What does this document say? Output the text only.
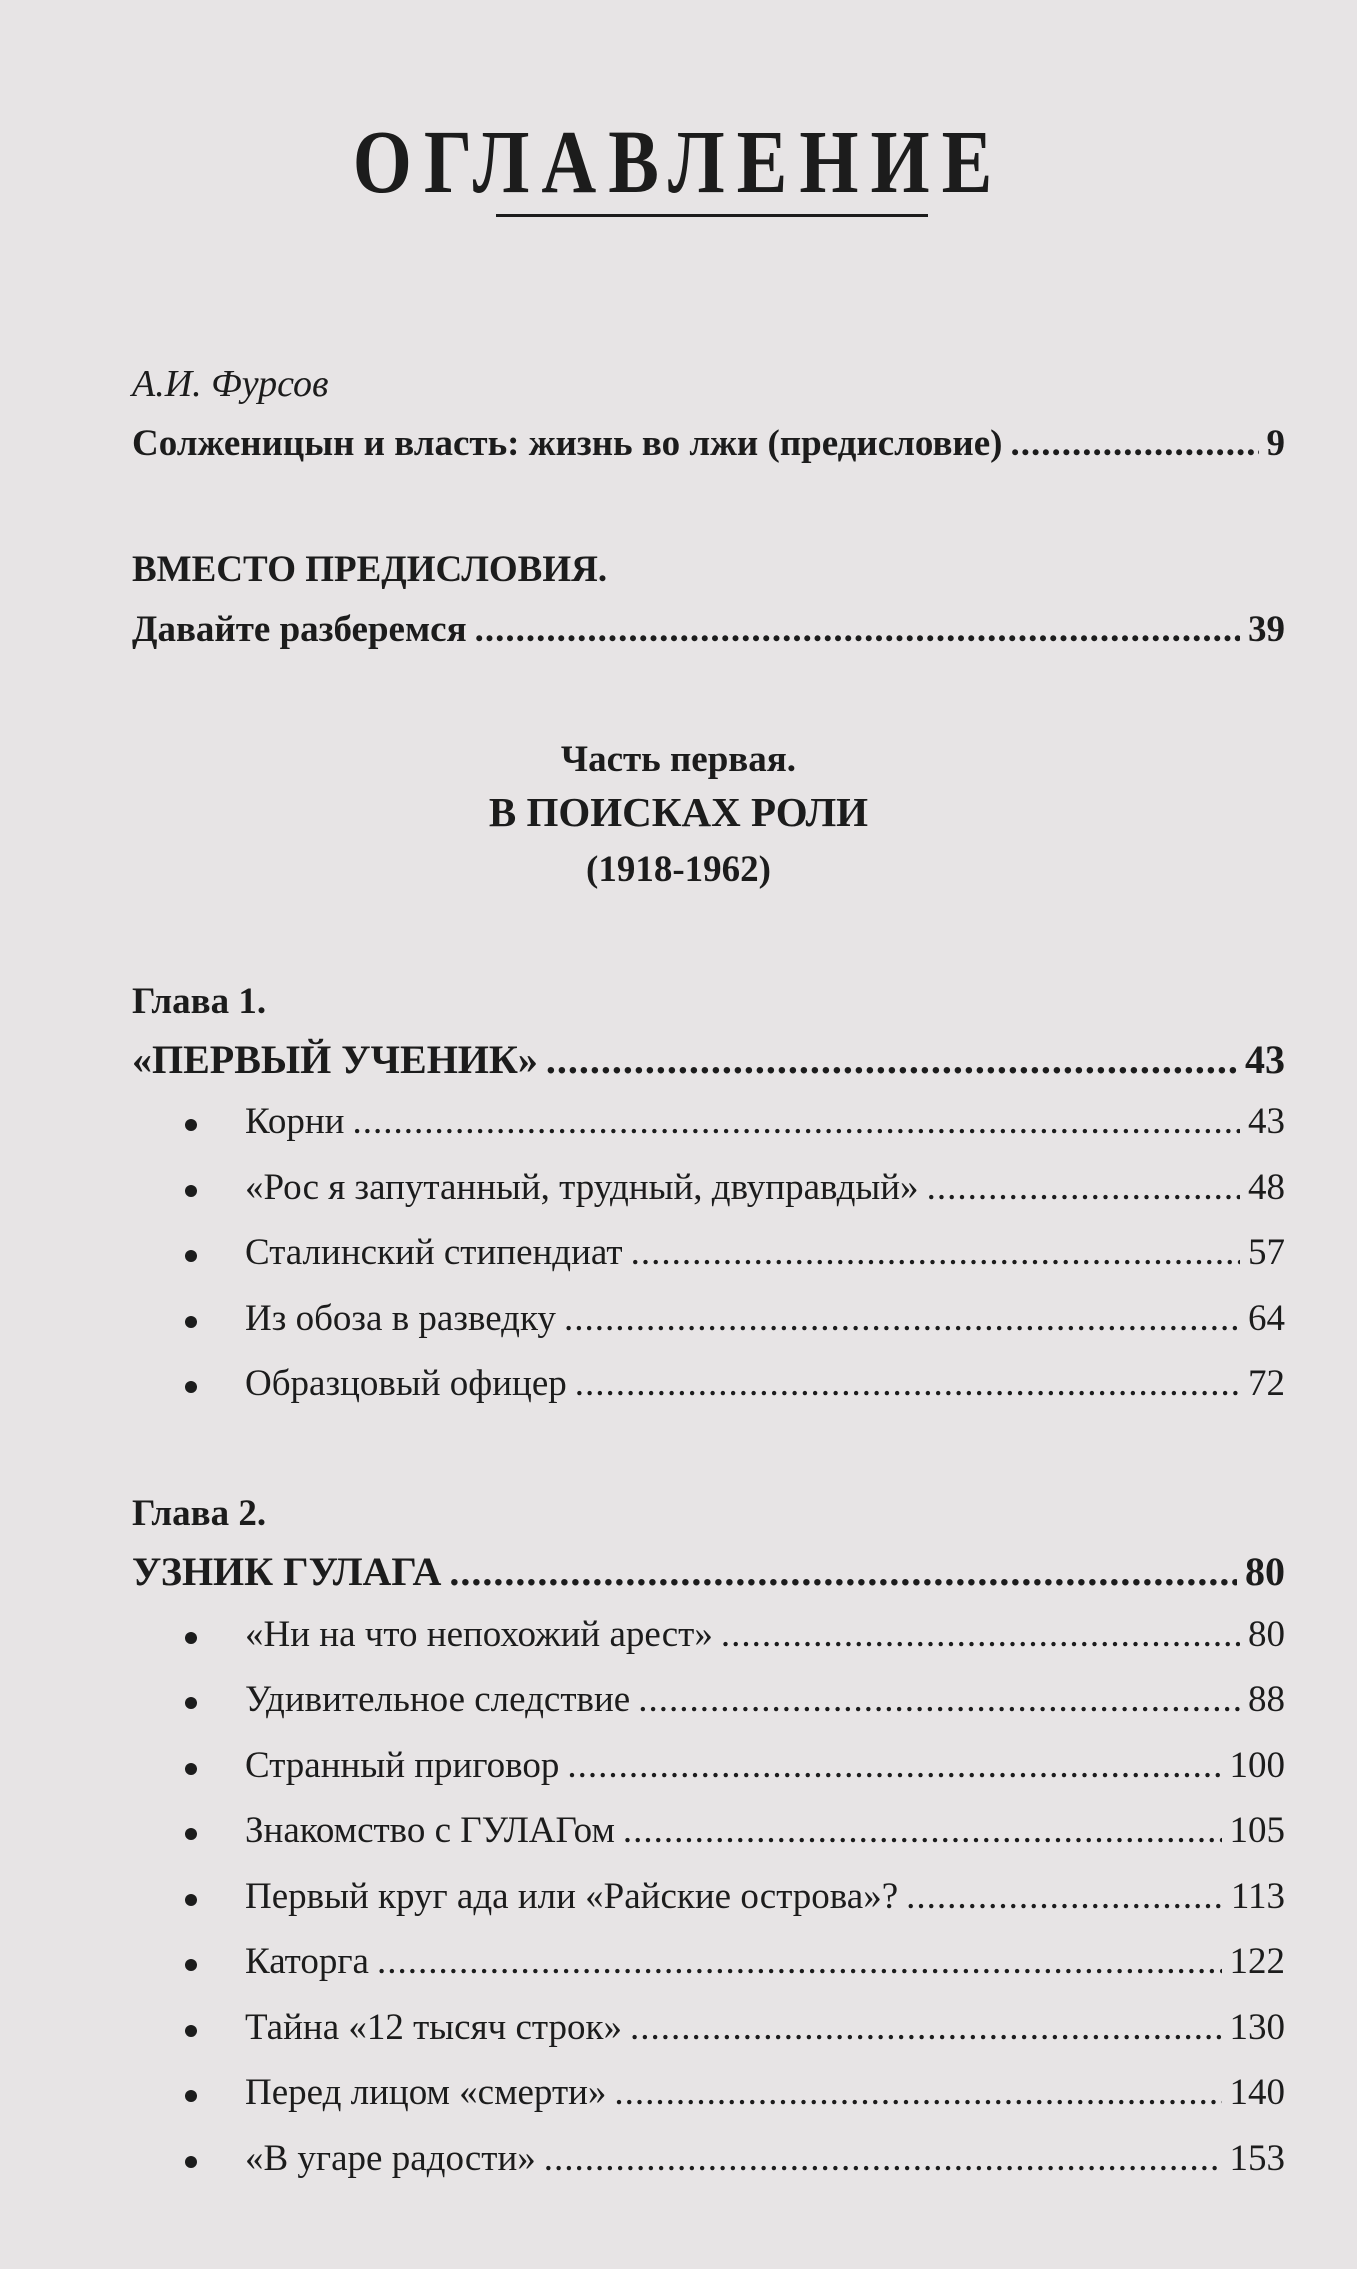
ОГЛАВЛЕНИЕ
А.И. Фурсов
Солженицын и власть: жизнь во лжи (предисловие) .....	9
ВМЕСТО ПРЕДИСЛОВИЯ.
Давайте разберемся .....	39
Часть первая.
В ПОИСКАХ РОЛИ
(1918-1962)
Глава 1.
«ПЕРВЫЙ УЧЕНИК» .....	43
Корни .....	43
«Рос я запутанный, трудный, двуправдый» .....	48
Сталинский стипендиат .....	57
Из обоза в разведку .....	64
Образцовый офицер .....	72
Глава 2.
УЗНИК ГУЛАГА .....	80
«Ни на что непохожий арест» .....	80
Удивительное следствие .....	88
Странный приговор .....	100
Знакомство с ГУЛАГом .....	105
Первый круг ада или «Райские острова»? .....	113
Каторга .....	122
Тайна «12 тысяч строк» .....	130
Перед лицом «смерти» .....	140
«В угаре радости» .....	153
